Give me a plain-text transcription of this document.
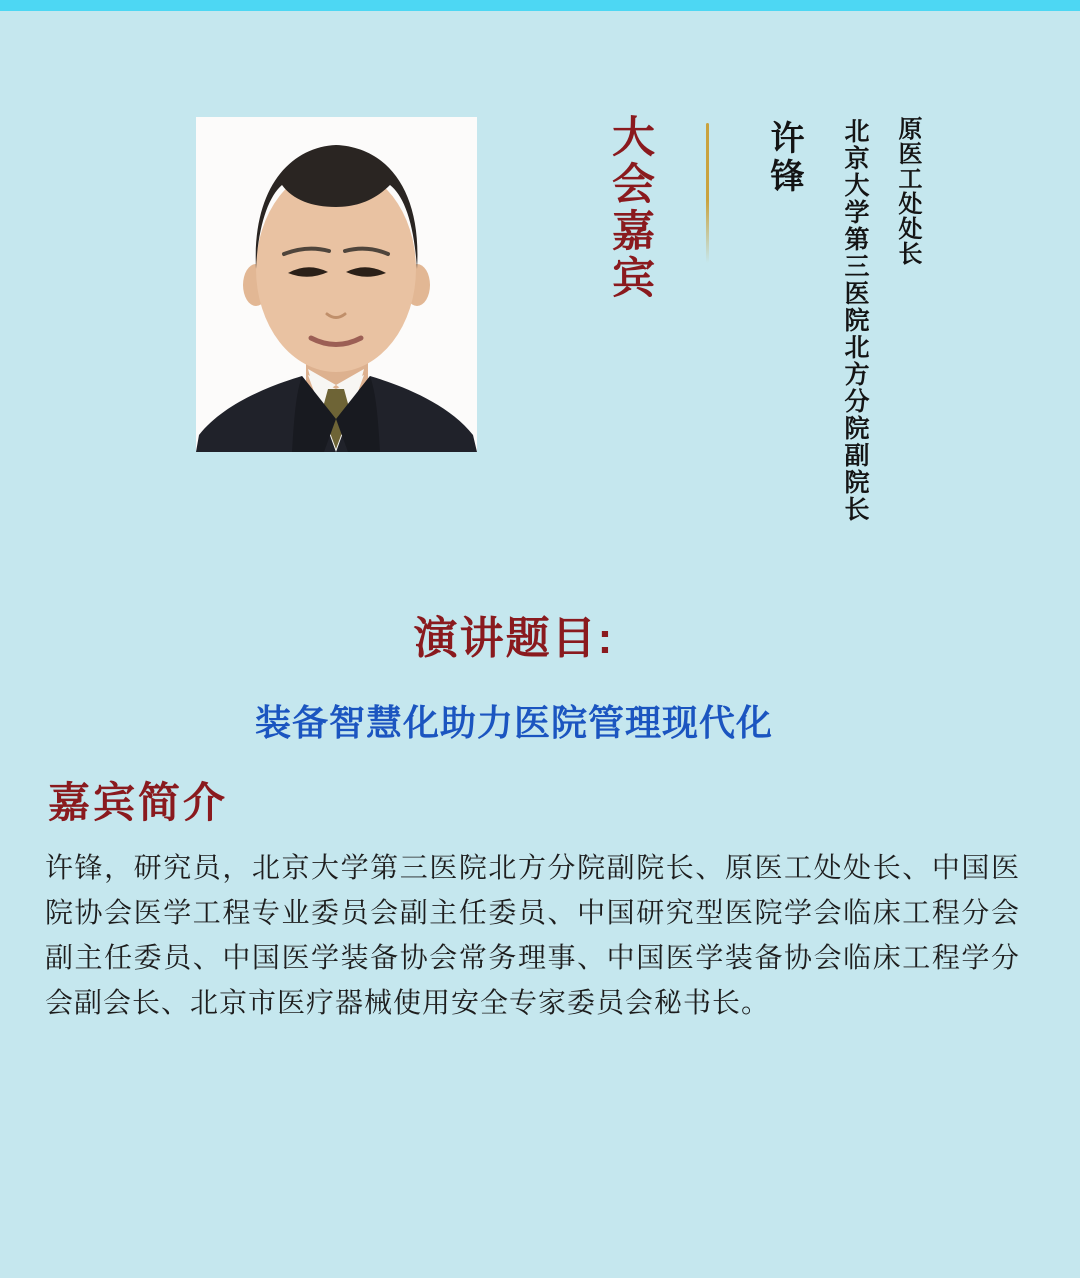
大会嘉宾	许锋 北京大学第三医院北方分院副院长 原医工处处长
演讲题目:
装备智慧化助力医院管理现代化
嘉宾简介

许锋，研究员，北京大学第三医院北方分院副院长、原医工处处长、中国医院协会医学工程专业委员会副主任委员、中国研究型医院学会临床工程分会副主任委员、中国医学装备协会常务理事、中国医学装备协会临床工程学分会副会长、北京市医疗器械使用安全专家委员会秘书长。
